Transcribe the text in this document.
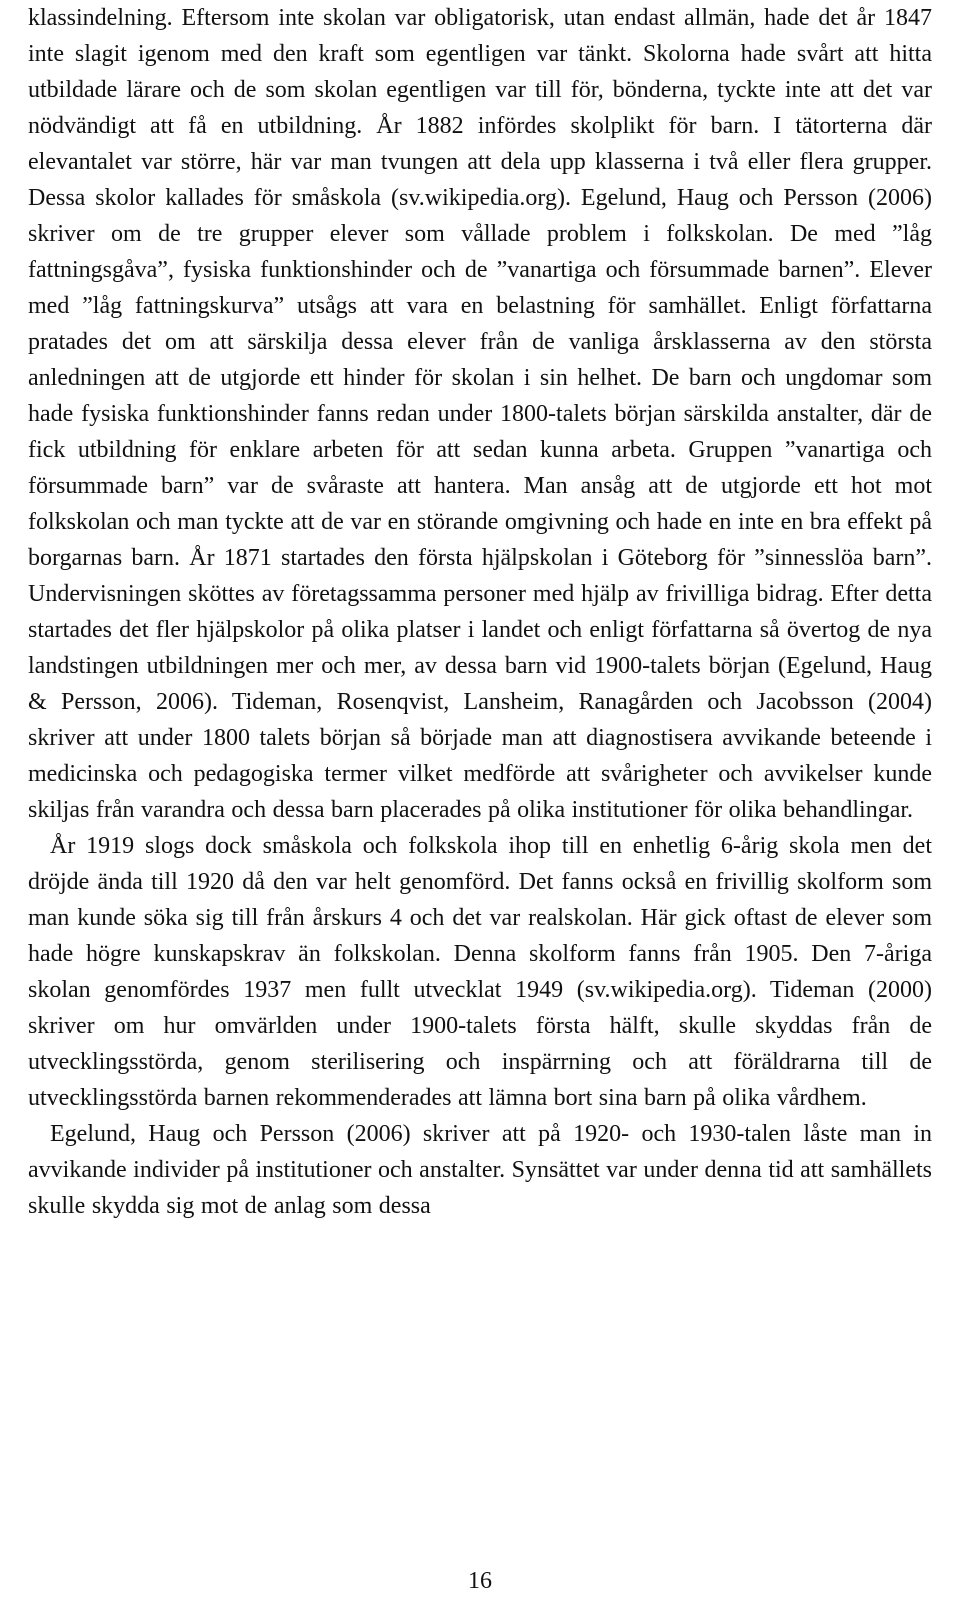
klassindelning. Eftersom inte skolan var obligatorisk, utan endast allmän, hade det år 1847 inte slagit igenom med den kraft som egentligen var tänkt. Skolorna hade svårt att hitta utbildade lärare och de som skolan egentligen var till för, bönderna, tyckte inte att det var nödvändigt att få en utbildning. År 1882 infördes skolplikt för barn. I tätorterna där elevantalet var större, här var man tvungen att dela upp klasserna i två eller flera grupper. Dessa skolor kallades för småskola (sv.wikipedia.org). Egelund, Haug och Persson (2006) skriver om de tre grupper elever som vållade problem i folkskolan. De med ”låg fattningsgåva”, fysiska funktionshinder och de ”vanartiga och försummade barnen”. Elever med ”låg fattningskurva” utsågs att vara en belastning för samhället. Enligt författarna pratades det om att särskilja dessa elever från de vanliga årsklasserna av den största anledningen att de utgjorde ett hinder för skolan i sin helhet. De barn och ungdomar som hade fysiska funktionshinder fanns redan under 1800-talets början särskilda anstalter, där de fick utbildning för enklare arbeten för att sedan kunna arbeta. Gruppen ”vanartiga och försummade barn” var de svåraste att hantera. Man ansåg att de utgjorde ett hot mot folkskolan och man tyckte att de var en störande omgivning och hade en inte en bra effekt på borgarnas barn. År 1871 startades den första hjälpskolan i Göteborg för ”sinnesslöa barn”. Undervisningen sköttes av företagssamma personer med hjälp av frivilliga bidrag. Efter detta startades det fler hjälpskolor på olika platser i landet och enligt författarna så övertog de nya landstingen utbildningen mer och mer, av dessa barn vid 1900-talets början (Egelund, Haug & Persson, 2006). Tideman, Rosenqvist, Lansheim, Ranagården och Jacobsson (2004) skriver att under 1800 talets början så började man att diagnostisera avvikande beteende i medicinska och pedagogiska termer vilket medförde att svårigheter och avvikelser kunde skiljas från varandra och dessa barn placerades på olika institutioner för olika behandlingar.

År 1919 slogs dock småskola och folkskola ihop till en enhetlig 6-årig skola men det dröjde ända till 1920 då den var helt genomförd. Det fanns också en frivillig skolform som man kunde söka sig till från årskurs 4 och det var realskolan. Här gick oftast de elever som hade högre kunskapskrav än folkskolan. Denna skolform fanns från 1905. Den 7-åriga skolan genomfördes 1937 men fullt utvecklat 1949 (sv.wikipedia.org). Tideman (2000) skriver om hur omvärlden under 1900-talets första hälft, skulle skyddas från de utvecklingsstörda, genom sterilisering och inspärrning och att föräldrarna till de utvecklingsstörda barnen rekommenderades att lämna bort sina barn på olika vårdhem.

Egelund, Haug och Persson (2006) skriver att på 1920- och 1930-talen låste man in avvikande individer på institutioner och anstalter. Synsättet var under denna tid att samhällets skulle skydda sig mot de anlag som dessa

16
